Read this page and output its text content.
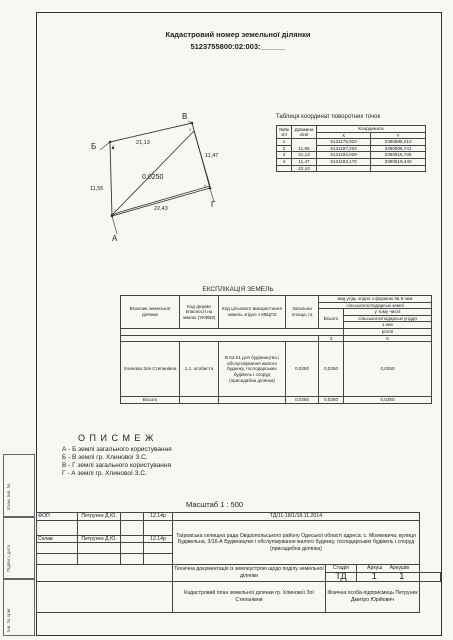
Інв. № ориг.
Підпис і дата
Взам. інв. №
Кадастровий номер земельної ділянки
5123755800:02:003:______
А
Б
В
Г
1
2
3
4
0,0250
21,13
11,55
11,47
22,43
Таблиця координат поворотних точок
№№ з/п	Довжина лінії	Координати	
		X	Y
1	11,55	5131175,920	3390898,210
2		5131187,204	3390905,741
3	21,13	5131194,029	3390915,735
4	11,47	5131183,170	3390919,440
	22,43		
ЕКСПЛІКАЦІЯ ЗЕМЕЛЬ
Власник земельної ділянки	Код форми власності на землю (УКФВЗ)	Код цільового використання земель згідно з КВЦПЗ	Загальна площа, га	вид угідь згідно з формою № 6-зем	
				сільськогосподарські землі	
				Всього	у тому числі
					сільськогосподарські угіддя
					з них
					рілля
				3	5
Хлинова Зоя Степанівна	1.1. особиста	В 02.01 для будівництва і обслуговування жилого будинку, господарських будівель і споруд (присадибна ділянка)	0,0250	0,0250	0,0250
Всього			0,0250	0,0250	0,0250
О П И С М Е Ж
А - Б землі загального користування
Б - В землі гр. Хлинової З.С.
В - Г землі загального користування
Г - А землі гр. Хлинової З.С.
Масштаб 1 : 500
ФОП	Петрунек Д.Ю.		12.14р	ТД/11-18/1/18.11.2014			
				Таїровська селищна рада Овідіопольського району Одеської області адреса: с. Мізякевича, вулиця Будівельна, 3/16-А Будівництво і обслуговування жилого будинку, господарських будівель і споруд (присадибна ділянка)			
Склав	Петрунек Д.Ю.		12.14р				

				Технічна документація із землеустрою щодо поділу земельної ділянки	Стадія	Аркуш Аркушів	
					ТД	1 1	

				Кадастровий план земельної ділянки гр. Хлинової Зої Степанівни	Фізична особа-підприємець Петрунек Дмитро Юрійович		
